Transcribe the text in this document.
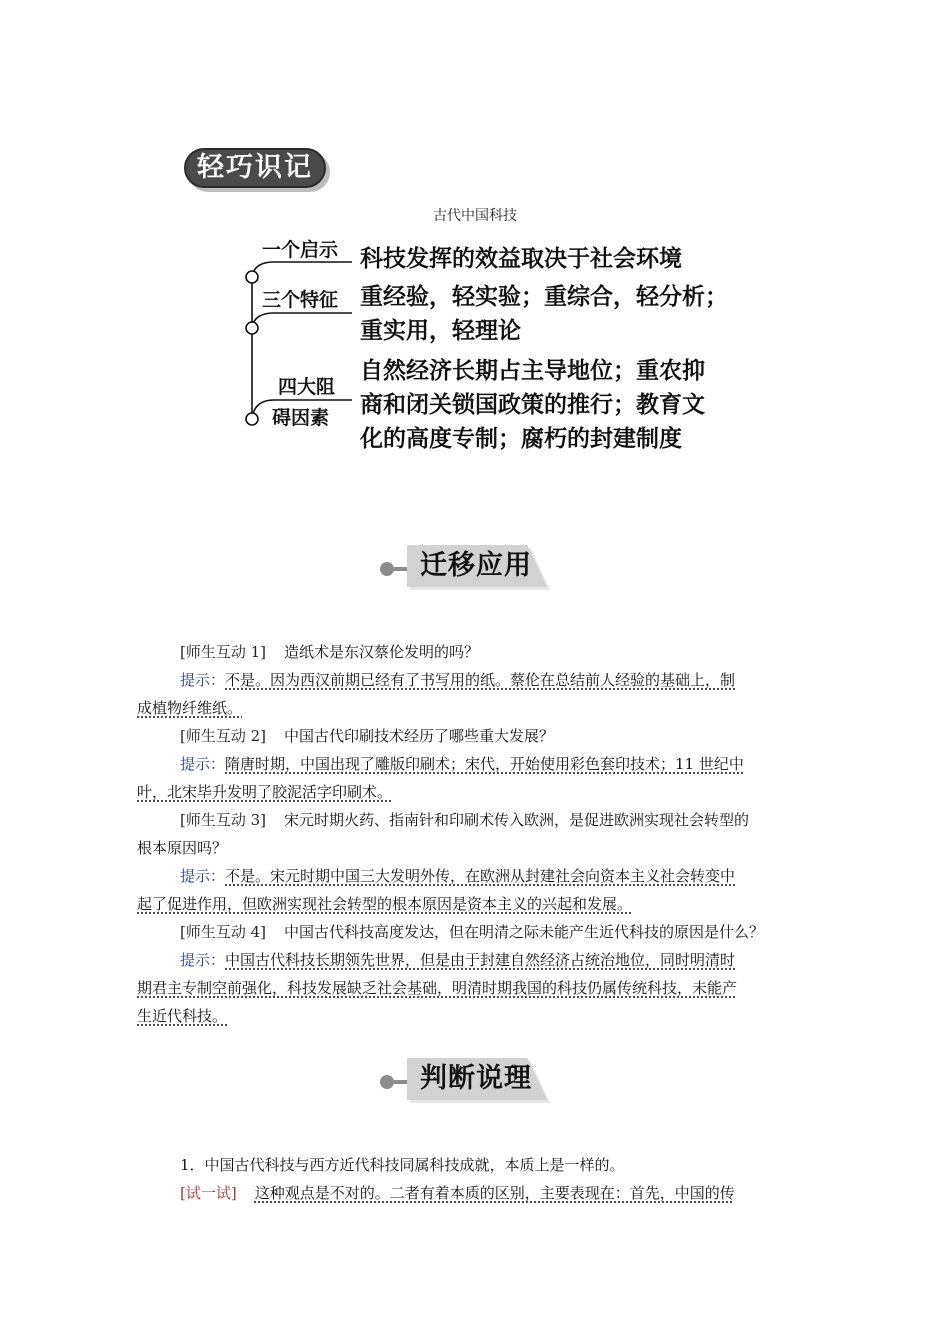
轻巧识记
古代中国科技
一个启示
三个特征
四大阻
碍因素
科技发挥的效益取决于社会环境
重经验，轻实验；重综合，轻分析；
重实用，轻理论
自然经济长期占主导地位；重农抑
商和闭关锁国政策的推行；教育文
化的高度专制；腐朽的封建制度
迁移应用
[师生互动 1] 造纸术是东汉蔡伦发明的吗？
提示：不是。因为西汉前期已经有了书写用的纸。蔡伦在总结前人经验的基础上，制
成植物纤维纸。
[师生互动 2] 中国古代印刷技术经历了哪些重大发展？
提示：隋唐时期，中国出现了雕版印刷术；宋代，开始使用彩色套印技术；11 世纪中
叶，北宋毕升发明了胶泥活字印刷术。
[师生互动 3] 宋元时期火药、指南针和印刷术传入欧洲，是促进欧洲实现社会转型的
根本原因吗？
提示：不是。宋元时期中国三大发明外传，在欧洲从封建社会向资本主义社会转变中
起了促进作用，但欧洲实现社会转型的根本原因是资本主义的兴起和发展。
[师生互动 4] 中国古代科技高度发达，但在明清之际未能产生近代科技的原因是什么？
提示：中国古代科技长期领先世界，但是由于封建自然经济占统治地位，同时明清时
期君主专制空前强化，科技发展缺乏社会基础，明清时期我国的科技仍属传统科技，未能产
生近代科技。
判断说理
1．中国古代科技与西方近代科技同属科技成就，本质上是一样的。
[试一试] 这种观点是不对的。二者有着本质的区别，主要表现在：首先，中国的传
